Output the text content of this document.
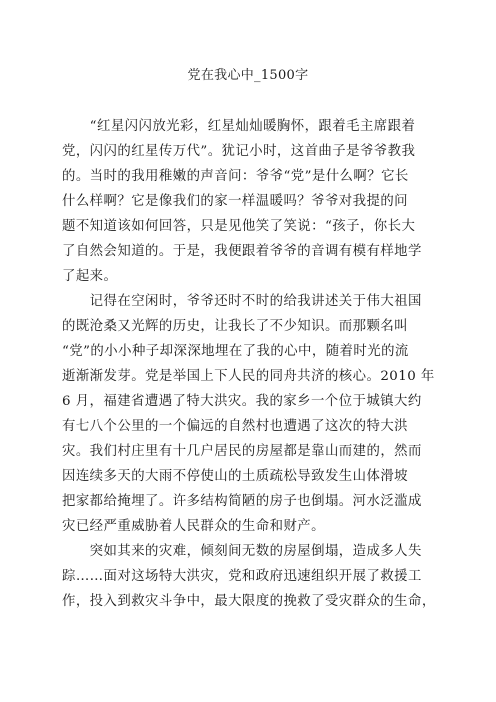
党在我心中_1500字
　　“红星闪闪放光彩，红星灿灿暖胸怀，跟着毛主席跟着
党，闪闪的红星传万代”。犹记小时，这首曲子是爷爷教我
的。当时的我用稚嫩的声音问：爷爷“党”是什么啊？它长
什么样啊？它是像我们的家一样温暖吗？爷爷对我提的问
题不知道该如何回答，只是见他笑了笑说：“孩子，你长大
了自然会知道的。于是，我便跟着爷爷的音调有模有样地学
了起来。
　　记得在空闲时，爷爷还时不时的给我讲述关于伟大祖国
的既沧桑又光辉的历史，让我长了不少知识。而那颗名叫
“党”的小小种子却深深地埋在了我的心中，随着时光的流
逝渐渐发芽。党是举国上下人民的同舟共济的核心。2010 年
6 月，福建省遭遇了特大洪灾。我的家乡一个位于城镇大约
有七八个公里的一个偏远的自然村也遭遇了这次的特大洪
灾。我们村庄里有十几户居民的房屋都是靠山而建的，然而
因连续多天的大雨不停使山的土质疏松导致发生山体滑坡
把家都给掩埋了。许多结构简陋的房子也倒塌。河水泛滥成
灾已经严重威胁着人民群众的生命和财产。
　　突如其来的灾难，倾刻间无数的房屋倒塌，造成多人失
踪……面对这场特大洪灾，党和政府迅速组织开展了救援工
作，投入到救灾斗争中，最大限度的挽救了受灾群众的生命，
